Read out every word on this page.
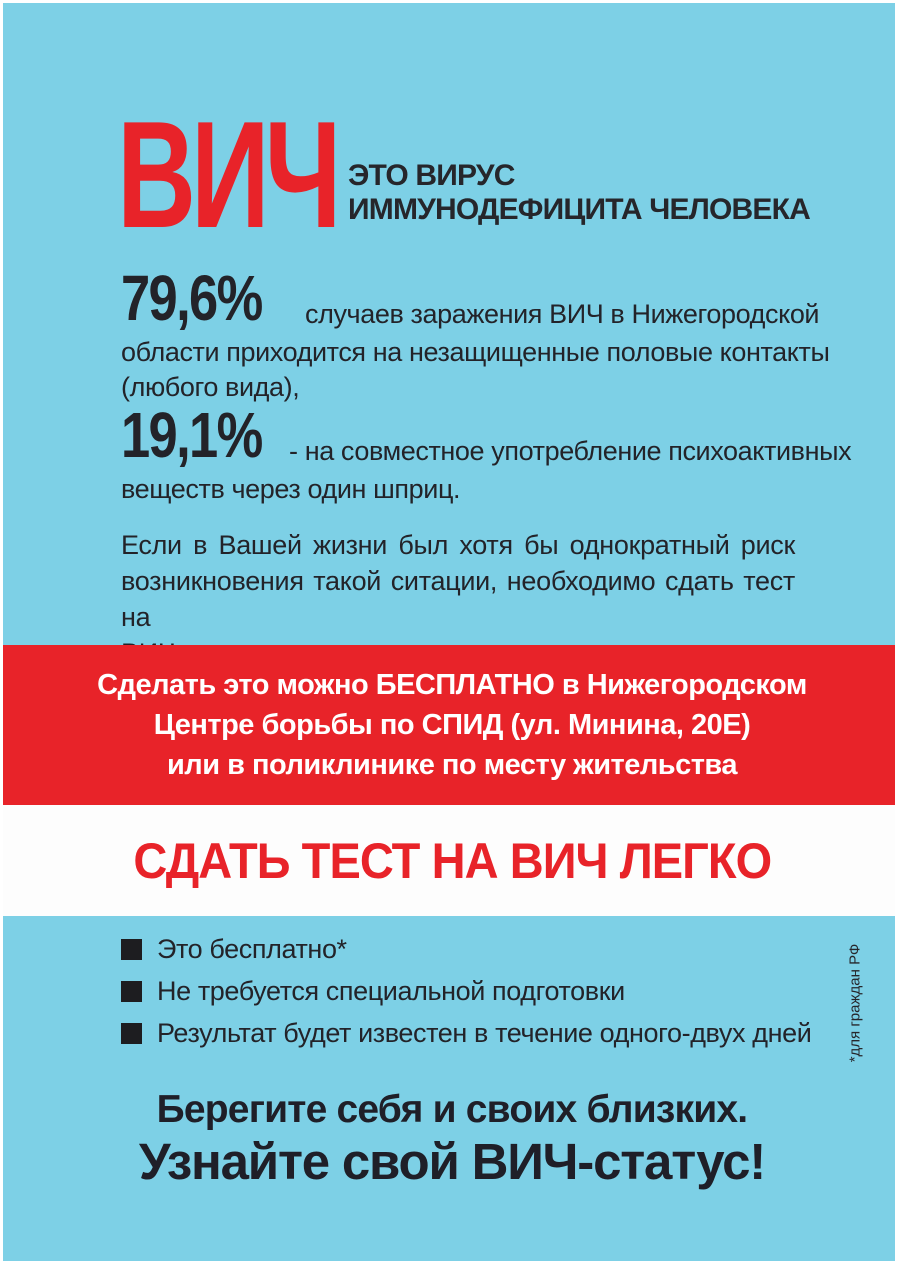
ВИЧ ЭТО ВИРУС
ИММУНОДЕФИЦИТА ЧЕЛОВЕКА
79,6% случаев заражения ВИЧ в Нижегородской
области приходится на незащищенные половые контакты
(любого вида),
19,1% - на совместное употребление психоактивных
веществ через один шприц.
Если в Вашей жизни был хотя бы однократный риск
возникновения такой ситации, необходимо сдать тест на
Сделать это можно БЕСПЛАТНО в Нижегородском
Центре борьбы по СПИД (ул. Минина, 20Е)
или в поликлинике по месту жительства
СДАТЬ ТЕСТ НА ВИЧ ЛЕГКО
Это бесплатно*
Не требуется специальной подготовки
Результат будет известен в течение одного-двух дней *для граждан РФ
Берегите себя и своих близких.
Узнайте свой ВИЧ-статус!
